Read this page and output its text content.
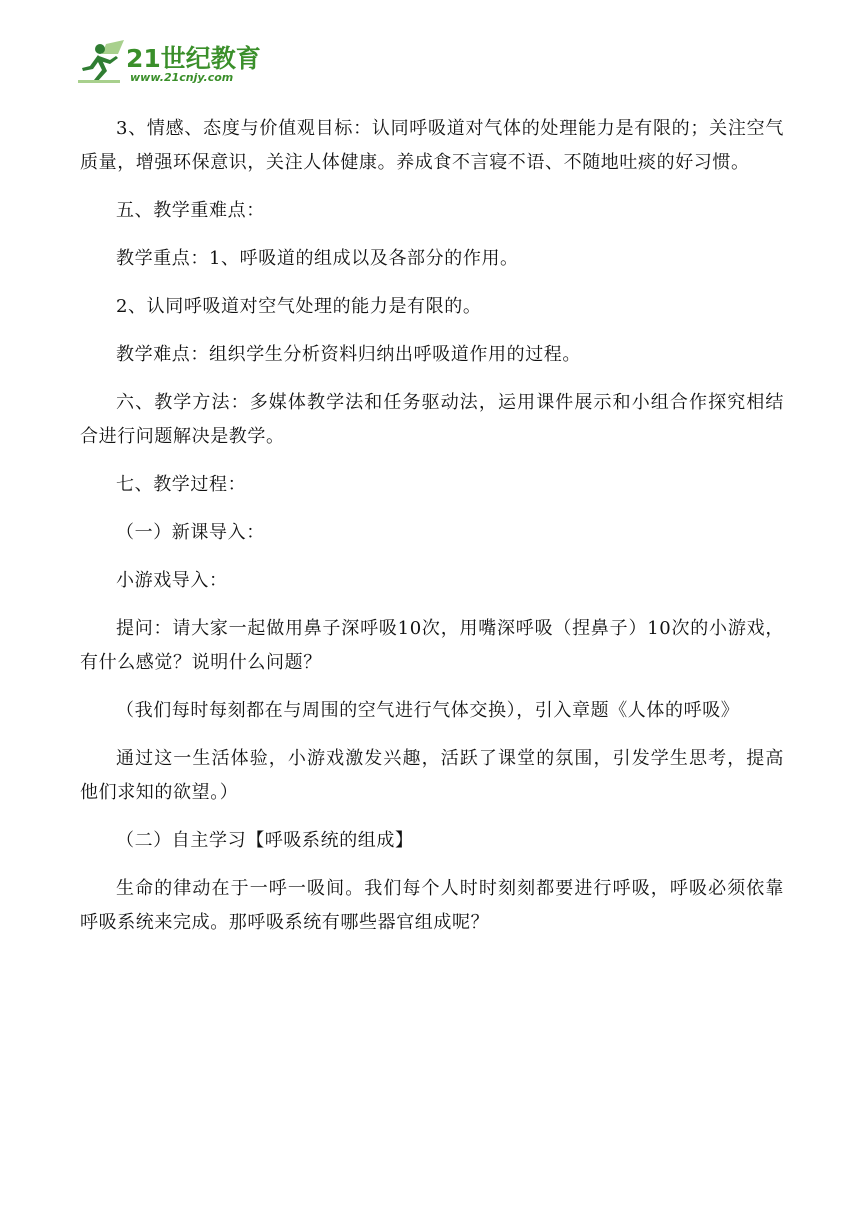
21世纪教育
www.21cnjy.com

3、情感、态度与价值观目标：认同呼吸道对气体的处理能力是有限的；关注空气质量，增强环保意识，关注人体健康。养成食不言寝不语、不随地吐痰的好习惯。

五、教学重难点：

教学重点：1、呼吸道的组成以及各部分的作用。

2、认同呼吸道对空气处理的能力是有限的。

教学难点：组织学生分析资料归纳出呼吸道作用的过程。

六、教学方法：多媒体教学法和任务驱动法，运用课件展示和小组合作探究相结合进行问题解决是教学。

七、教学过程：

（一）新课导入：

小游戏导入：

提问：请大家一起做用鼻子深呼吸10次，用嘴深呼吸（捏鼻子）10次的小游戏，有什么感觉？说明什么问题？

（我们每时每刻都在与周围的空气进行气体交换），引入章题《人体的呼吸》

通过这一生活体验，小游戏激发兴趣，活跃了课堂的氛围，引发学生思考，提高他们求知的欲望。）

（二）自主学习【呼吸系统的组成】

生命的律动在于一呼一吸间。我们每个人时时刻刻都要进行呼吸，呼吸必须依靠呼吸系统来完成。那呼吸系统有哪些器官组成呢？
